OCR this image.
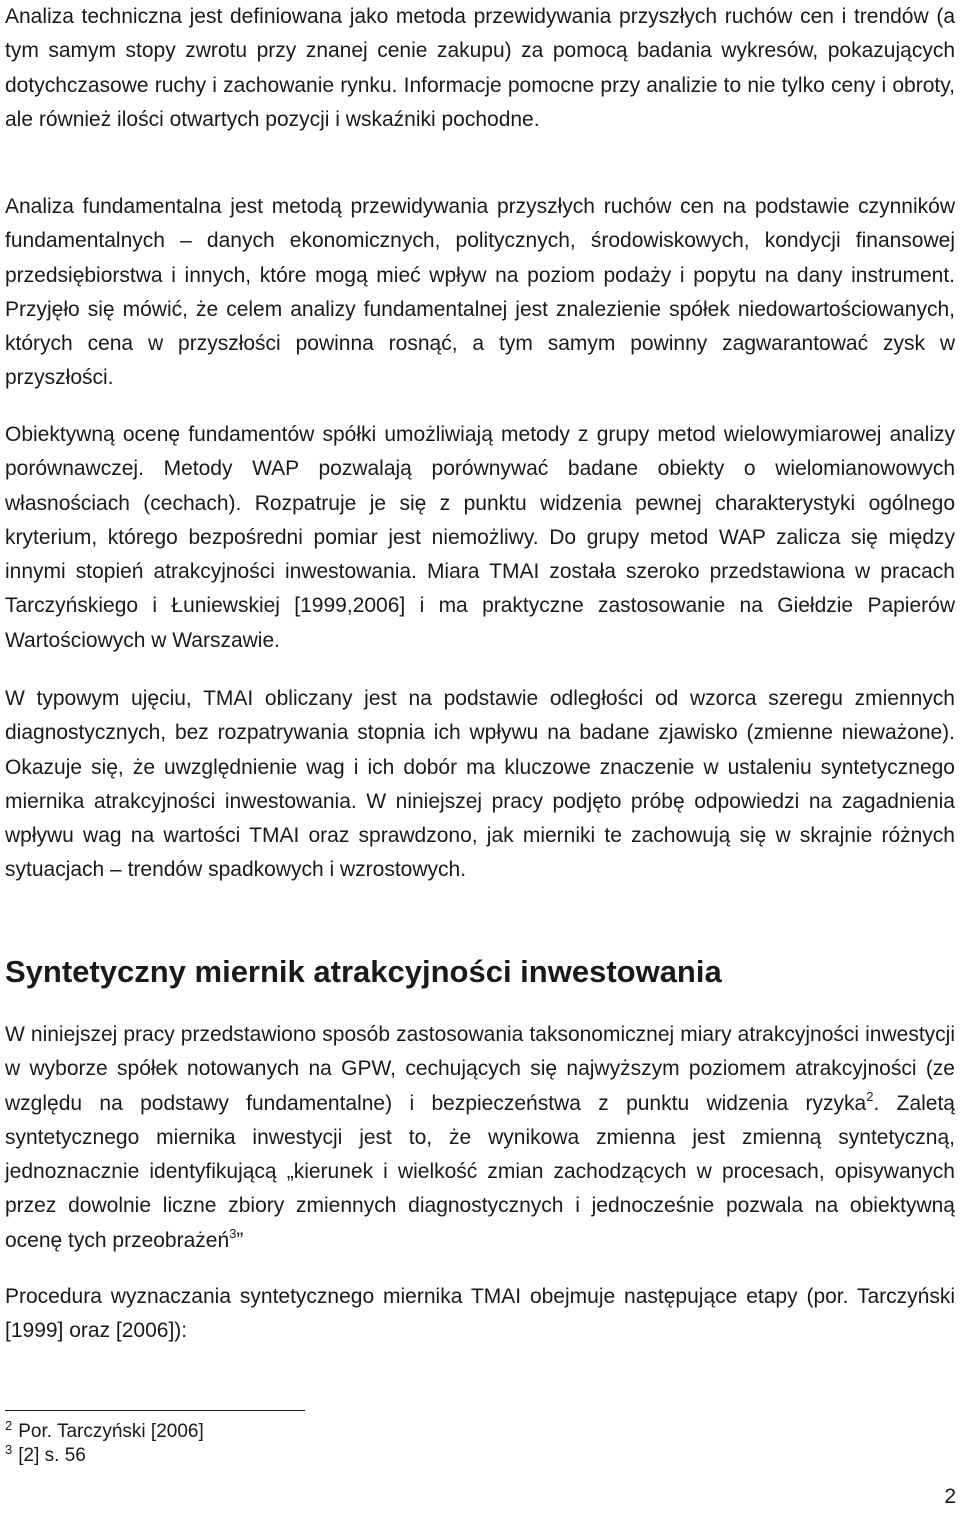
Analiza techniczna jest definiowana jako metoda przewidywania przyszłych ruchów cen i trendów (a tym samym stopy zwrotu przy znanej cenie zakupu) za pomocą badania wykresów, pokazujących dotychczasowe ruchy i zachowanie rynku. Informacje pomocne przy analizie to nie tylko ceny i obroty, ale również ilości otwartych pozycji i wskaźniki pochodne.

Analiza fundamentalna jest metodą przewidywania przyszłych ruchów cen na podstawie czynników fundamentalnych – danych ekonomicznych, politycznych, środowiskowych, kondycji finansowej przedsiębiorstwa i innych, które mogą mieć wpływ na poziom podaży i popytu na dany instrument. Przyjęło się mówić, że celem analizy fundamentalnej jest znalezienie spółek niedowartościowanych, których cena w przyszłości powinna rosnąć, a tym samym powinny zagwarantować zysk w przyszłości.

Obiektywną ocenę fundamentów spółki umożliwiają metody z grupy metod wielowymiarowej analizy porównawczej. Metody WAP pozwalają porównywać badane obiekty o wielomianowowych własnościach (cechach). Rozpatruje je się z punktu widzenia pewnej charakterystyki ogólnego kryterium, którego bezpośredni pomiar jest niemożliwy. Do grupy metod WAP zalicza się między innymi stopień atrakcyjności inwestowania. Miara TMAI została szeroko przedstawiona w pracach Tarczyńskiego i Łuniewskiej [1999,2006] i ma praktyczne zastosowanie na Giełdzie Papierów Wartościowych w Warszawie.

W typowym ujęciu, TMAI obliczany jest na podstawie odległości od wzorca szeregu zmiennych diagnostycznych, bez rozpatrywania stopnia ich wpływu na badane zjawisko (zmienne nieważone). Okazuje się, że uwzględnienie wag i ich dobór ma kluczowe znaczenie w ustaleniu syntetycznego miernika atrakcyjności inwestowania. W niniejszej pracy podjęto próbę odpowiedzi na zagadnienia wpływu wag na wartości TMAI oraz sprawdzono, jak mierniki te zachowują się w skrajnie różnych sytuacjach – trendów spadkowych i wzrostowych.

Syntetyczny miernik atrakcyjności inwestowania

W niniejszej pracy przedstawiono sposób zastosowania taksonomicznej miary atrakcyjności inwestycji w wyborze spółek notowanych na GPW, cechujących się najwyższym poziomem atrakcyjności (ze względu na podstawy fundamentalne) i bezpieczeństwa z punktu widzenia ryzyka$^2$. Zaletą syntetycznego miernika inwestycji jest to, że wynikowa zmienna jest zmienną syntetyczną, jednoznacznie identyfikującą „kierunek i wielkość zmian zachodzących w procesach, opisywanych przez dowolnie liczne zbiory zmiennych diagnostycznych i jednocześnie pozwala na obiektywną ocenę tych przeobrażeń$^3$”

Procedura wyznaczania syntetycznego miernika TMAI obejmuje następujące etapy (por. Tarczyński [1999] oraz [2006]):

$^2$ Por. Tarczyński [2006]

$^3$ [2] s. 56

2
